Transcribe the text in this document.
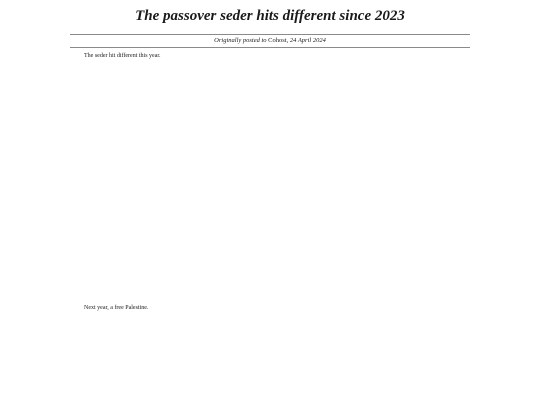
The passover seder hits different since 2023
Originally posted to Cohost, 24 April 2024

The seder hit different this year.

Next year, a free Palestine.
